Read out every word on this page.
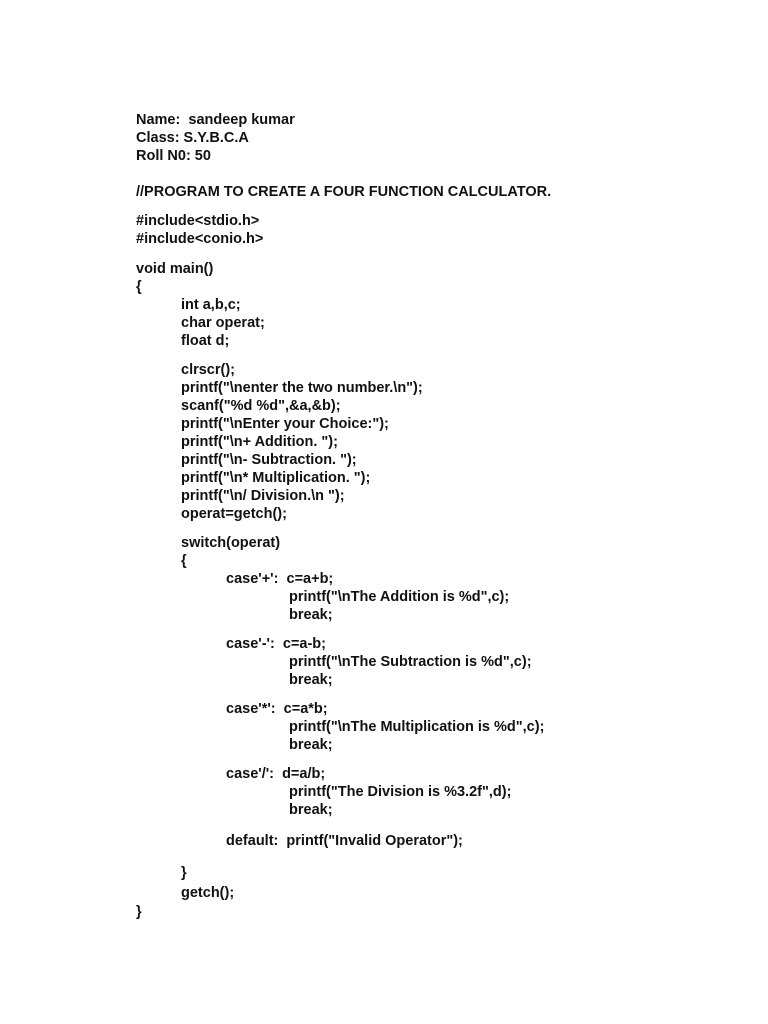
Name:  sandeep kumar
Class: S.Y.B.C.A
Roll N0: 50
//PROGRAM TO CREATE A FOUR FUNCTION CALCULATOR.
#include<stdio.h>
#include<conio.h>
void main()
{
int a,b,c;
char operat;
float d;
clrscr();
printf("\nenter the two number.\n");
scanf("%d %d",&a,&b);
printf("\nEnter your Choice:");
printf("\n+ Addition. ");
printf("\n- Subtraction. ");
printf("\n* Multiplication. ");
printf("\n/ Division.\n ");
operat=getch();
switch(operat)
{
case'+':  c=a+b;
printf("\nThe Addition is %d",c);
break;
case'-':  c=a-b;
printf("\nThe Subtraction is %d",c);
break;
case'*':  c=a*b;
printf("\nThe Multiplication is %d",c);
break;
case'/':  d=a/b;
printf("The Division is %3.2f",d);
break;
default:  printf("Invalid Operator");
}
getch();
}
